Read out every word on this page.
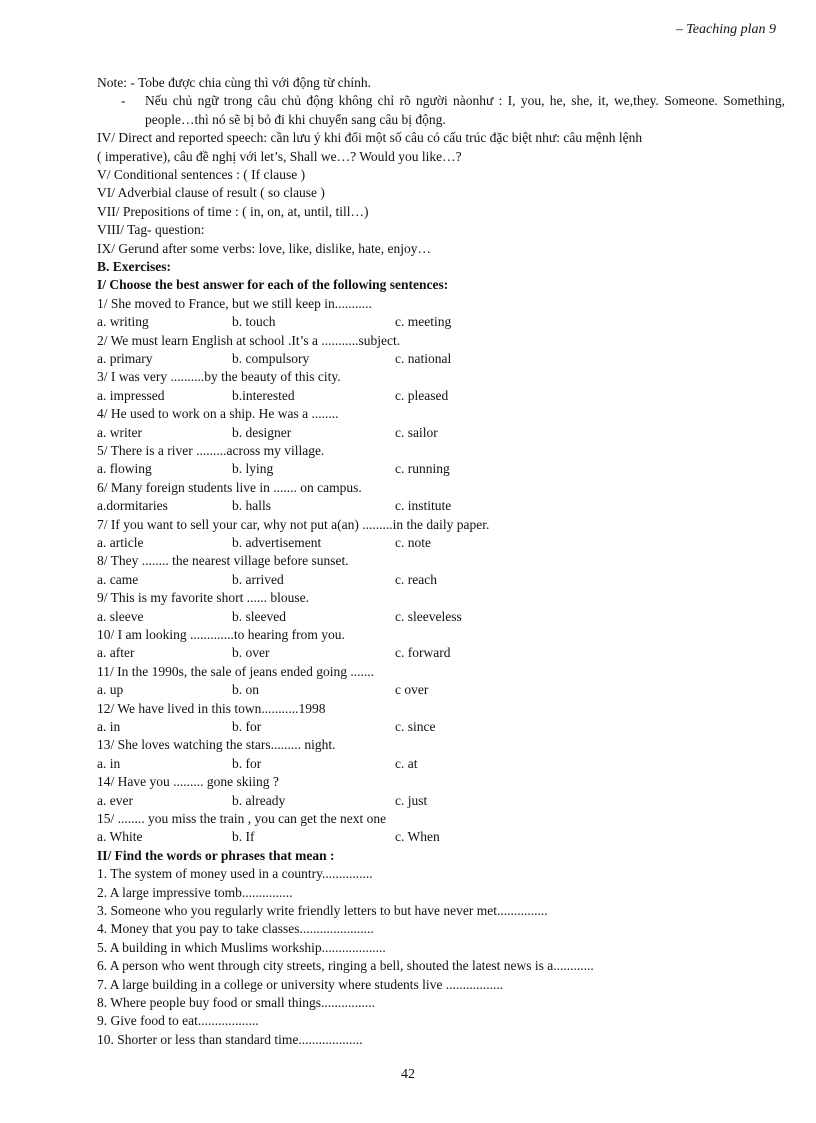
– Teaching plan 9
Note: - Tobe được chia cùng thì với động từ chính.
-	Nếu chủ ngữ trong câu chủ động không chỉ rõ người nàonhư : I, you, he, she, it, we,they. Someone. Something, people…thì nó sẽ bị bỏ đi khi chuyển sang câu bị động.
IV/ Direct and reported speech: cần lưu ý khi đổi một số câu có cấu trúc đặc biệt như: câu mệnh lệnh
( imperative), câu đề nghị với let’s, Shall we…? Would you like…?
V/ Conditional sentences : ( If clause )
VI/ Adverbial clause of result ( so clause )
VII/ Prepositions of time : ( in, on, at, until, till…)
VIII/ Tag- question:
IX/ Gerund after some verbs: love, like, dislike, hate, enjoy…
B. Exercises:
I/ Choose the best answer for each of the following sentences:
1/ She moved to France, but we still keep in...........
a. writing	b. touch	c. meeting
2/ We must learn English at school .It’s a ...........subject.
a. primary	b. compulsory	c. national
3/ I was very ..........by the beauty of this city.
a. impressed	b.interested	c. pleased
4/ He used to work on a ship. He was a ........
a. writer	b. designer	c. sailor
5/ There is a river .........across my village.
a. flowing	b. lying	c. running
6/ Many foreign students live in ....... on campus.
a.dormitaries	b. halls	c. institute
7/ If you want to sell your car, why not put a(an) .........in the daily paper.
a. article	b. advertisement	c. note
8/ They ........ the nearest village before sunset.
a. came	b. arrived	c. reach
9/ This is my favorite short ...... blouse.
a. sleeve	b. sleeved	c. sleeveless
10/ I am looking .............to hearing from you.
a. after	b. over	c. forward
11/ In the 1990s, the sale of jeans ended going .......
a. up	b. on	c over
12/ We have lived in this town...........1998
a. in	b. for	c. since
13/ She loves watching the stars......... night.
a. in	b. for	c. at
14/ Have you ......... gone skiing ?
a. ever	b. already	c. just
15/ ........ you miss the train , you can get the next one
a. White	b. If	c. When
II/ Find the words or phrases that mean :
1. The system of money used in a country...............
2. A large impressive tomb...............
3. Someone who you regularly write friendly letters to but have never met...............
4. Money that you pay to take classes......................
5. A building in which Muslims workship...................
6. A person who went through city streets, ringing a bell, shouted the latest news is a............
7. A large building in a college or university where students live .................
8. Where people buy food or small things................
9. Give food to eat..................
10. Shorter or less than standard time...................
42
